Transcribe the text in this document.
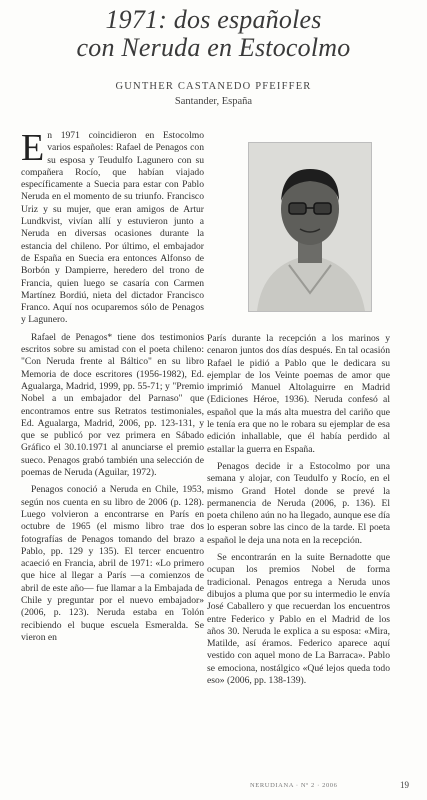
1971: dos españoles
con Neruda en Estocolmo
GUNTHER CASTANEDO PFEIFFER
Santander, España

En 1971 coincidieron en Estocolmo varios españoles: Rafael de Penagos con su esposa y Teudulfo Lagunero con su compañera Rocío, que habían viajado específicamente a Suecia para estar con Pablo Neruda en el momento de su triunfo. Francisco Uriz y su mujer, que eran amigos de Artur Lundkvist, vivían allí y estuvieron junto a Neruda en diversas ocasiones durante la estancia del chileno. Por último, el embajador de España en Suecia era entonces Alfonso de Borbón y Dampierre, heredero del trono de Francia, quien luego se casaría con Carmen Martínez Bordiú, nieta del dictador Francisco Franco. Aquí nos ocuparemos sólo de Penagos y Lagunero.

Rafael de Penagos* tiene dos testimonios escritos sobre su amistad con el poeta chileno: "Con Neruda frente al Báltico" en su libro Memoria de doce escritores (1956-1982), Ed. Agualarga, Madrid, 1999, pp. 55-71; y "Premio Nobel a un embajador del Parnaso" que encontramos entre sus Retratos testimoniales, Ed. Agualarga, Madrid, 2006, pp. 123-131, y que se publicó por vez primera en Sábado Gráfico el 30.10.1971 al anunciarse el premio sueco. Penagos grabó también una selección de poemas de Neruda (Aguilar, 1972).

Penagos conoció a Neruda en Chile, 1953, según nos cuenta en su libro de 2006 (p. 128). Luego volvieron a encontrarse en París en octubre de 1965 (el mismo libro trae dos fotografías de Penagos tomando del brazo a Pablo, pp. 129 y 135). El tercer encuentro acaeció en Francia, abril de 1971: «Lo primero que hice al llegar a París —a comienzos de abril de este año— fue llamar a la Embajada de Chile y preguntar por el nuevo embajador» (2006, p. 123). Neruda estaba en Tolón recibiendo el buque escuela Esmeralda. Se vieron en

París durante la recepción a los marinos y cenaron juntos dos días después. En tal ocasión Rafael le pidió a Pablo que le dedicara su ejemplar de los Veinte poemas de amor que imprimió Manuel Altolaguirre en Madrid (Ediciones Héroe, 1936). Neruda confesó al español que la más alta muestra del cariño que le tenía era que no le robara su ejemplar de esa edición inhallable, que él había perdido al estallar la guerra en España.

Penagos decide ir a Estocolmo por una semana y alojar, con Teudulfo y Rocío, en el mismo Grand Hotel donde se prevé la permanencia de Neruda (2006, p. 136). El poeta chileno aún no ha llegado, aunque ese día lo esperan sobre las cinco de la tarde. El poeta español le deja una nota en la recepción.

Se encontrarán en la suite Bernadotte que ocupan los premios Nobel de forma tradicional. Penagos entrega a Neruda unos dibujos a pluma que por su intermedio le envía José Caballero y que recuerdan los encuentros entre Federico y Pablo en el Madrid de los años 30. Neruda le explica a su esposa: «Mira, Matilde, así éramos. Federico aparece aquí vestido con aquel mono de La Barraca». Pablo se emociona, nostálgico «Qué lejos queda todo eso» (2006, pp. 138-139).

NERUDIANA · Nº 2 · 2006	19
